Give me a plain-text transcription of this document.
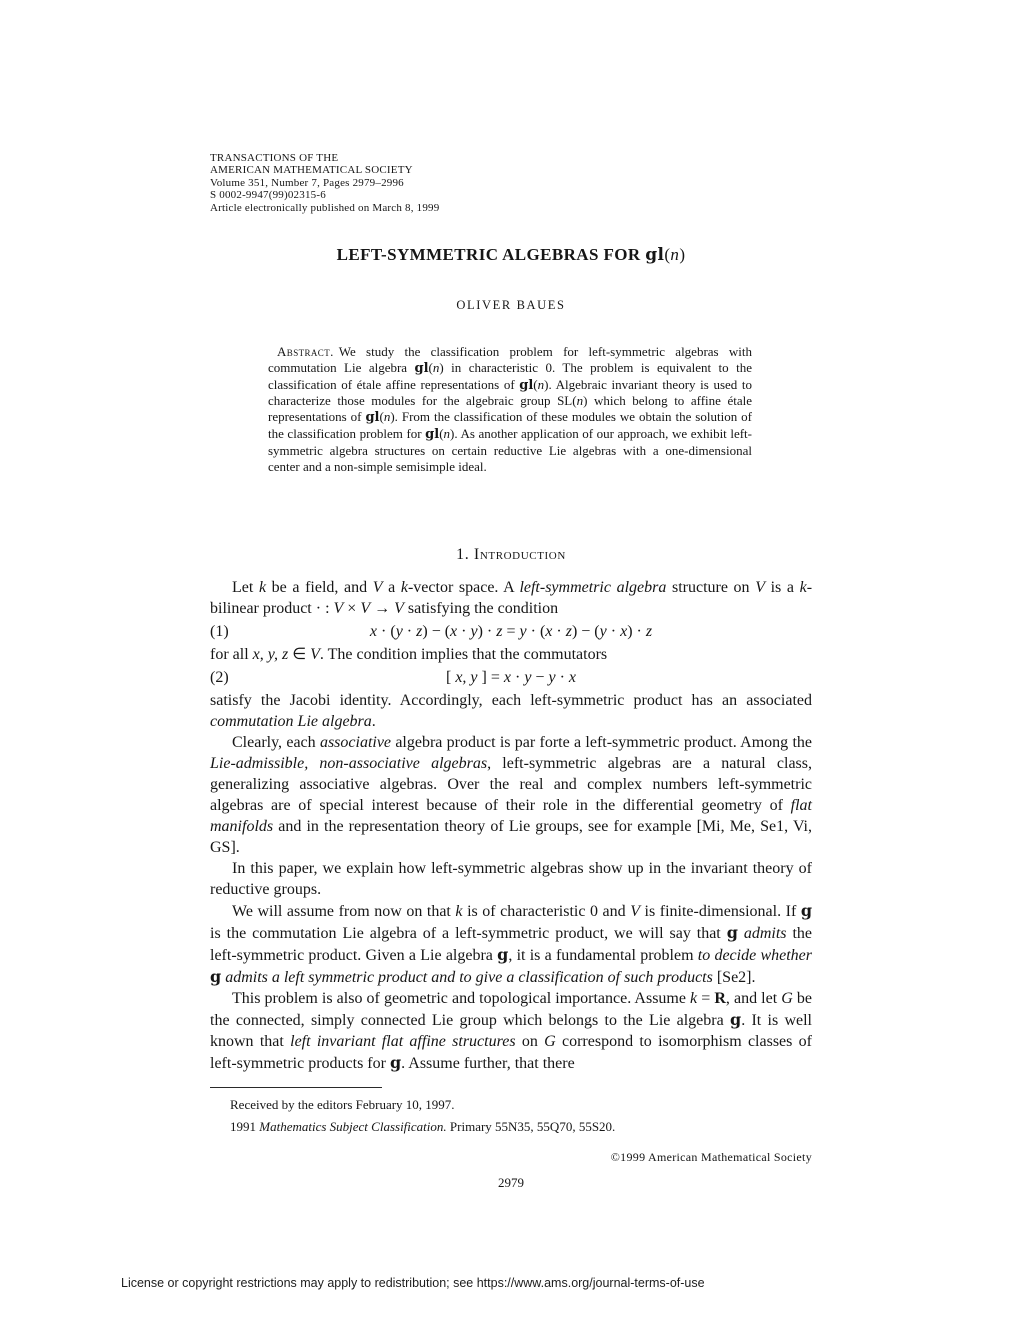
TRANSACTIONS OF THE
AMERICAN MATHEMATICAL SOCIETY
Volume 351, Number 7, Pages 2979–2996
S 0002-9947(99)02315-6
Article electronically published on March 8, 1999
LEFT-SYMMETRIC ALGEBRAS FOR gl(n)
OLIVER BAUES
Abstract. We study the classification problem for left-symmetric algebras with commutation Lie algebra gl(n) in characteristic 0. The problem is equivalent to the classification of étale affine representations of gl(n). Algebraic invariant theory is used to characterize those modules for the algebraic group SL(n) which belong to affine étale representations of gl(n). From the classification of these modules we obtain the solution of the classification problem for gl(n). As another application of our approach, we exhibit left-symmetric algebra structures on certain reductive Lie algebras with a one-dimensional center and a non-simple semisimple ideal.
1. Introduction

Let k be a field, and V a k-vector space. A left-symmetric algebra structure on V is a k-bilinear product · : V × V → V satisfying the condition

(1)	x · (y · z) − (x · y) · z = y · (x · z) − (y · x) · z

for all x, y, z ∈ V. The condition implies that the commutators

(2)	[ x, y ] = x · y − y · x

satisfy the Jacobi identity. Accordingly, each left-symmetric product has an associated commutation Lie algebra.

Clearly, each associative algebra product is par forte a left-symmetric product. Among the Lie-admissible, non-associative algebras, left-symmetric algebras are a natural class, generalizing associative algebras. Over the real and complex numbers left-symmetric algebras are of special interest because of their role in the differential geometry of flat manifolds and in the representation theory of Lie groups, see for example [Mi, Me, Se1, Vi, GS].

In this paper, we explain how left-symmetric algebras show up in the invariant theory of reductive groups.

We will assume from now on that k is of characteristic 0 and V is finite-dimensional. If g is the commutation Lie algebra of a left-symmetric product, we will say that g admits the left-symmetric product. Given a Lie algebra g, it is a fundamental problem to decide whether g admits a left symmetric product and to give a classification of such products [Se2].

This problem is also of geometric and topological importance. Assume k = R, and let G be the connected, simply connected Lie group which belongs to the Lie algebra g. It is well known that left invariant flat affine structures on G correspond to isomorphism classes of left-symmetric products for g. Assume further, that there

Received by the editors February 10, 1997.
1991 Mathematics Subject Classification. Primary 55N35, 55Q70, 55S20.
©1999 American Mathematical Society
2979
License or copyright restrictions may apply to redistribution; see https://www.ams.org/journal-terms-of-use
